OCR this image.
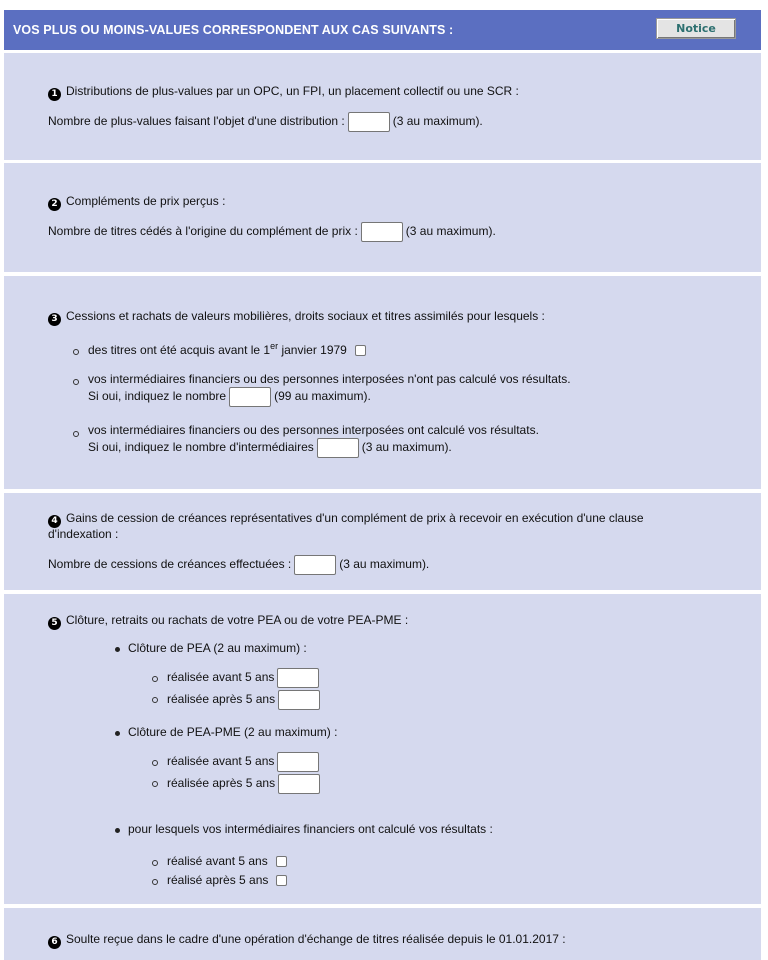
VOS PLUS OU MOINS-VALUES CORRESPONDENT AUX CAS SUIVANTS :	Notice
1 Distributions de plus-values par un OPC, un FPI, un placement collectif ou une SCR :
Nombre de plus-values faisant l'objet d'une distribution :	(3 au maximum).
2 Compléments de prix perçus :
Nombre de titres cédés à l'origine du complément de prix :	(3 au maximum).
3 Cessions et rachats de valeurs mobilières, droits sociaux et titres assimilés pour lesquels :
des titres ont été acquis avant le 1er janvier 1979
vos intermédiaires financiers ou des personnes interposées n'ont pas calculé vos résultats.
Si oui, indiquez le nombre	(99 au maximum).
vos intermédiaires financiers ou des personnes interposées ont calculé vos résultats.
Si oui, indiquez le nombre d'intermédiaires	(3 au maximum).
4 Gains de cession de créances représentatives d'un complément de prix à recevoir en exécution d'une clause
d'indexation :
Nombre de cessions de créances effectuées :	(3 au maximum).
5 Clôture, retraits ou rachats de votre PEA ou de votre PEA-PME :
Clôture de PEA (2 au maximum) :
réalisée avant 5 ans
réalisée après 5 ans
Clôture de PEA-PME (2 au maximum) :
réalisée avant 5 ans
réalisée après 5 ans
pour lesquels vos intermédiaires financiers ont calculé vos résultats :
réalisé avant 5 ans
réalisé après 5 ans
6 Soulte reçue dans le cadre d'une opération d'échange de titres réalisée depuis le 01.01.2017 :
